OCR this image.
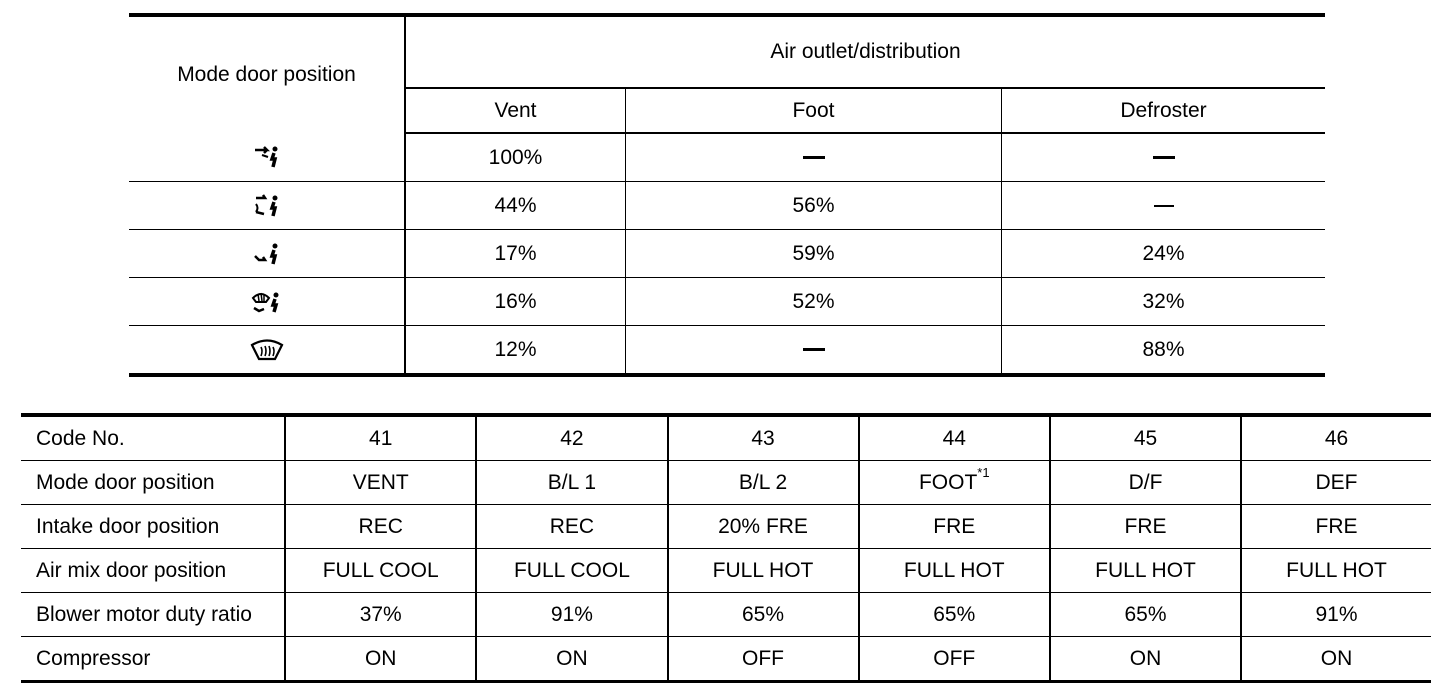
Mode door position	Air outlet/distribution		
	Vent	Foot	Defroster

	100%		

	44%	56%	

	17%	59%	24%

	16%	52%	32%

	12%		88%
Code No.	41	42	43	44	45	46
Mode door position	VENT	B/L 1	B/L 2	FOOT$^{*1}$	D/F	DEF
Intake door position	REC	REC	20% FRE	FRE	FRE	FRE
Air mix door position	FULL COOL	FULL COOL	FULL HOT	FULL HOT	FULL HOT	FULL HOT
Blower motor duty ratio	37%	91%	65%	65%	65%	91%
Compressor	ON	ON	OFF	OFF	ON	ON
